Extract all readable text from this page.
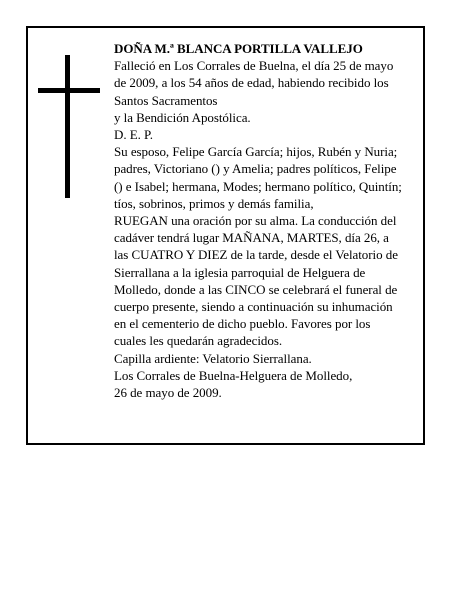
DOÑA M.ª BLANCA PORTILLA VALLEJO
Falleció en Los Corrales de Buelna, el día 25 de mayo
de 2009, a los 54 años de edad, habiendo recibido los
Santos Sacramentos
y la Bendición Apostólica.
D. E. P.
Su esposo, Felipe García García; hijos, Rubén y Nuria;
padres, Victoriano () y Amelia; padres políticos, Felipe
() e Isabel; hermana, Modes; hermano político, Quintín;
tíos, sobrinos, primos y demás familia,
RUEGAN una oración por su alma. La conducción del
cadáver tendrá lugar MAÑANA, MARTES, día 26, a
las CUATRO Y DIEZ de la tarde, desde el Velatorio de
Sierrallana a la iglesia parroquial de Helguera de
Molledo, donde a las CINCO se celebrará el funeral de
cuerpo presente, siendo a continuación su inhumación
en el cementerio de dicho pueblo. Favores por los
cuales les quedarán agradecidos.
Capilla ardiente: Velatorio Sierrallana.
Los Corrales de Buelna-Helguera de Molledo,
26 de mayo de 2009.
